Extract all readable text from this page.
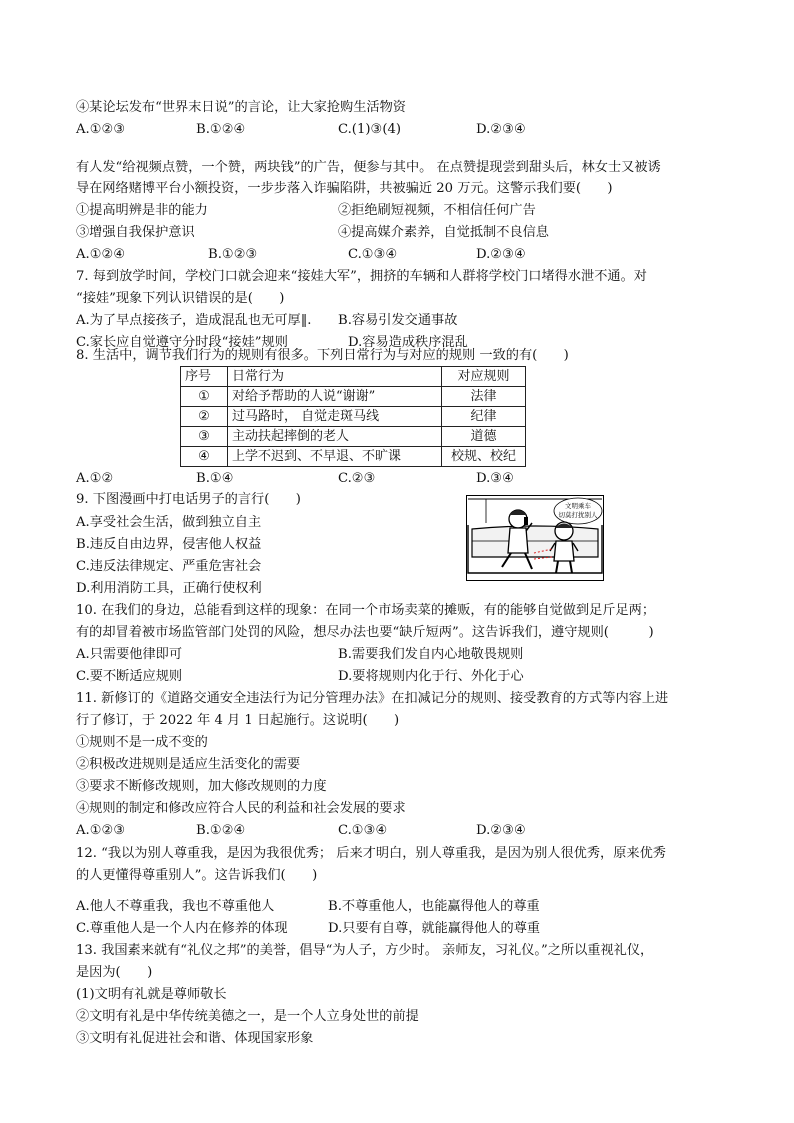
④某论坛发布“世界末日说”的言论，让大家抢购生活物资
A.①②③	B.①②④	C.(1)③(4)	D.②③④
有人发“给视频点赞，一个赞，两块钱”的广告，便参与其中。 在点赞提现尝到甜头后，林女士又被诱
导在网络赌博平台小额投资，一步步落入诈骗陷阱，共被骗近 20 万元。这警示我们要(　　)
①提高明辨是非的能力	②拒绝刷短视频，不相信任何广告
③增强自我保护意识	④提高媒介素养，自觉抵制不良信息
A.①②④	B.①②③	C.①③④	D.②③④
7. 每到放学时间，学校门口就会迎来“接娃大军”，拥挤的车辆和人群将学校门口堵得水泄不通。对
“接娃”现象下列认识错误的是(　　)
A.为了早点接孩子，造成混乱也无可厚‖. B.容易引发交通事故
C.家长应自觉遵守分时段“接娃”规则	D.容易造成秩序混乱
8. 生活中，调节我们行为的规则有很多。下列日常行为与对应的规则 一致的有(　　)
序号	日常行为	对应规则
①	对给予帮助的人说“谢谢”	法律
②	过马路时， 自觉走斑马线	纪律
③	主动扶起摔倒的老人	道德
④	上学不迟到、不早退、不旷课	校规、校纪
A.①②	B.①④	C.②③	D.③④
9. 下图漫画中打电话男子的言行(　　)
A.享受社会生活，做到独立自主
B.违反自由边界，侵害他人权益
C.违反法律规定、严重危害社会
D.利用消防工具，正确行使权利
文明乘车
切莫打扰别人
10. 在我们的身边，总能看到这样的现象：在同一个市场卖菜的摊贩，有的能够自觉做到足斤足两；
有的却冒着被市场监管部门处罚的风险，想尽办法也要“缺斤短两”。这告诉我们，遵守规则(　　　)
A.只需要他律即可	B.需要我们发自内心地敬畏规则
C.要不断适应规则	D.要将规则内化于行、外化于心
11. 新修订的《道路交通安全违法行为记分管理办法》在扣减记分的规则、接受教育的方式等内容上进
行了修订，于 2022 年 4 月 1 日起施行。这说明(　　)
①规则不是一成不变的
②积极改进规则是适应生活变化的需要
③要求不断修改规则，加大修改规则的力度
④规则的制定和修改应符合人民的利益和社会发展的要求
A.①②③	B.①②④	C.①③④	D.②③④
12. “我以为别人尊重我，是因为我很优秀； 后来才明白，别人尊重我，是因为别人很优秀，原来优秀
的人更懂得尊重别人”。这告诉我们(　　)
A.他人不尊重我，我也不尊重他人	B.不尊重他人，也能赢得他人的尊重
C.尊重他人是一个人内在修养的体现	D.只要有自尊，就能赢得他人的尊重
13. 我国素来就有“礼仪之邦”的美誉，倡导“为人子，方少时。 亲师友，习礼仪。”之所以重视礼仪，
是因为(　　)
(1)文明有礼就是尊师敬长
②文明有礼是中华传统美德之一，是一个人立身处世的前提
③文明有礼促进社会和谐、体现国家形象
